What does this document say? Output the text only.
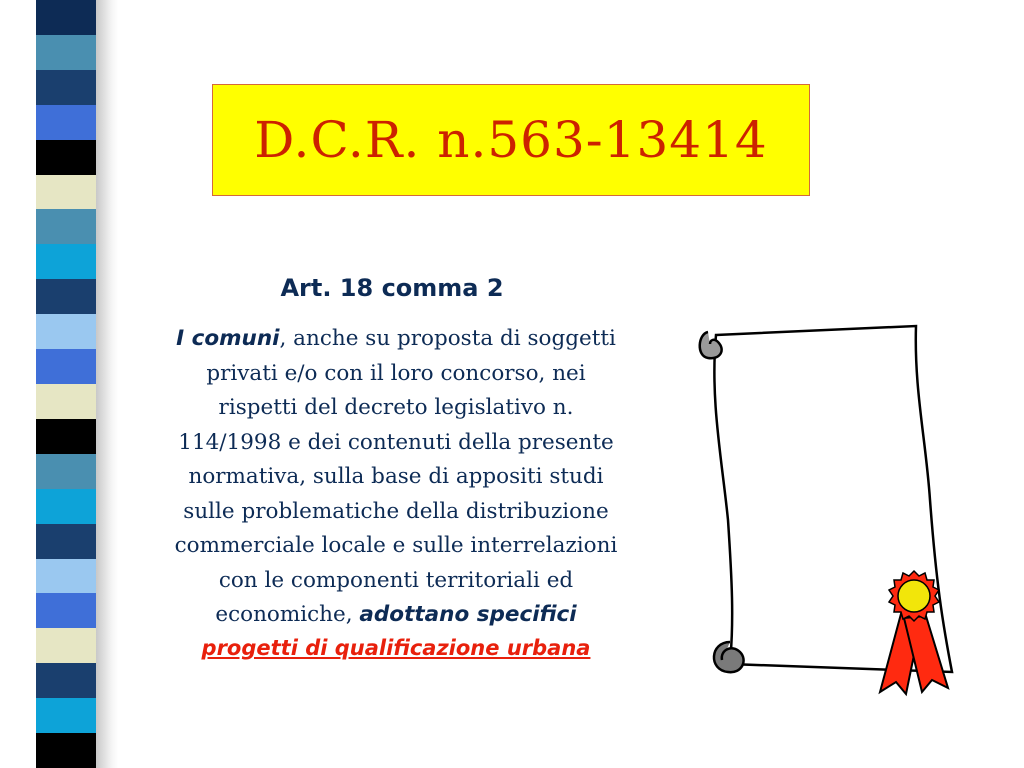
D.C.R. n.563-13414
Art. 18 comma 2
I comuni, anche su proposta di soggetti
privati e/o con il loro concorso, nei
rispetti del decreto legislativo n.
114/1998 e dei contenuti della presente
normativa, sulla base di appositi studi
sulle problematiche della distribuzione
commerciale locale e sulle interrelazioni
con le componenti territoriali ed
economiche, adottano specifici
progetti di qualificazione urbana
